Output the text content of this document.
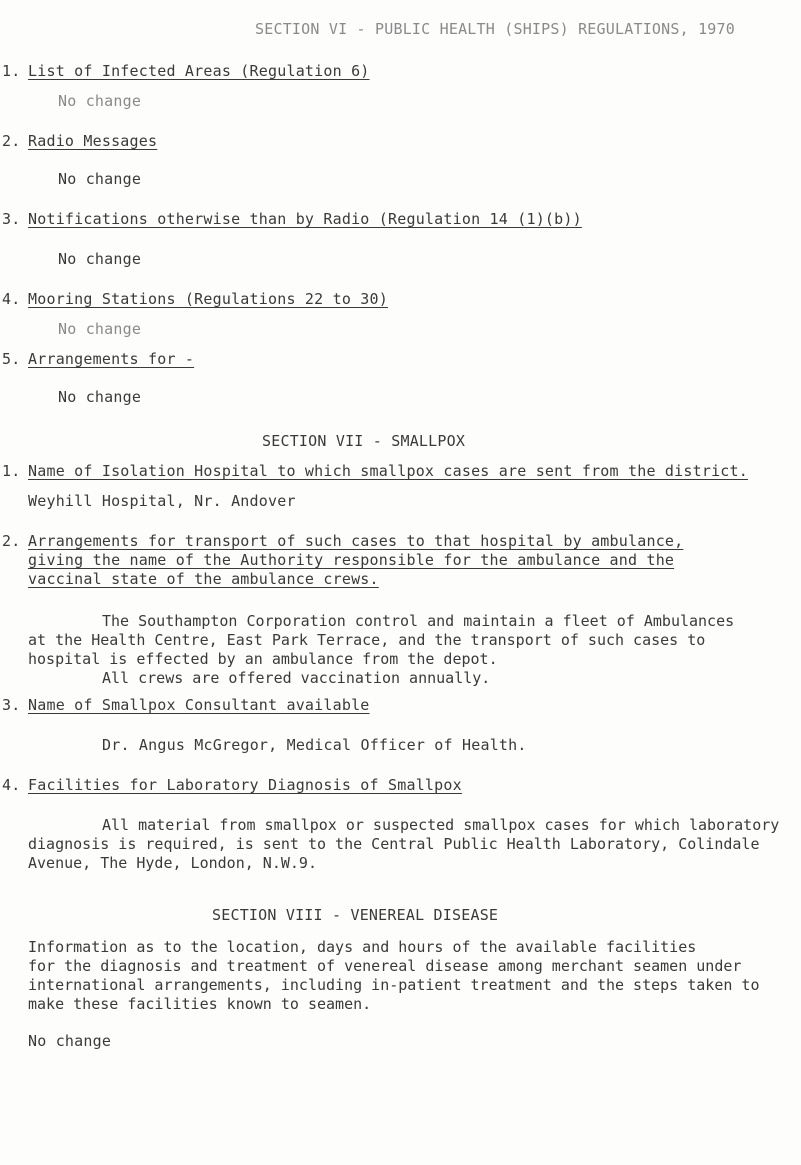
SECTION VI - PUBLIC HEALTH (SHIPS) REGULATIONS, 1970
1. List of Infected Areas (Regulation 6)
No change
2. Radio Messages
No change
3. Notifications otherwise than by Radio (Regulation 14 (1)(b))
No change
4. Mooring Stations (Regulations 22 to 30)
No change
5. Arrangements for -
No change
SECTION VII - SMALLPOX
1. Name of Isolation Hospital to which smallpox cases are sent from the district.
Weyhill Hospital, Nr. Andover
2. Arrangements for transport of such cases to that hospital by ambulance,
giving the name of the Authority responsible for the ambulance and the
vaccinal state of the ambulance crews.
The Southampton Corporation control and maintain a fleet of Ambulances
at the Health Centre, East Park Terrace, and the transport of such cases to
hospital is effected by an ambulance from the depot.
All crews are offered vaccination annually.
3. Name of Smallpox Consultant available
Dr. Angus McGregor, Medical Officer of Health.
4. Facilities for Laboratory Diagnosis of Smallpox
All material from smallpox or suspected smallpox cases for which laboratory
diagnosis is required, is sent to the Central Public Health Laboratory, Colindale
Avenue, The Hyde, London, N.W.9.
SECTION VIII - VENEREAL DISEASE
Information as to the location, days and hours of the available facilities
for the diagnosis and treatment of venereal disease among merchant seamen under
international arrangements, including in-patient treatment and the steps taken to
make these facilities known to seamen.
No change
